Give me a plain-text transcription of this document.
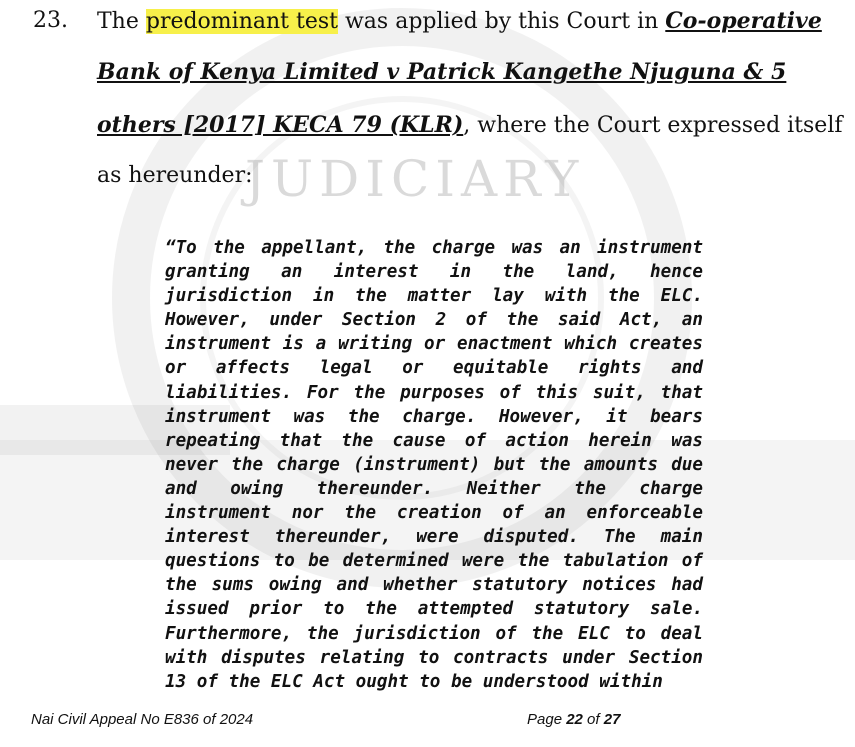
JUDICIARY
23. The predominant test was applied by this Court in Co-operative
Bank of Kenya Limited v Patrick Kangethe Njuguna & 5
others [2017] KECA 79 (KLR), where the Court expressed itself
as hereunder:
“To the appellant, the charge was an instrument granting an interest in the land, hence jurisdiction in the matter lay with the ELC. However, under Section 2 of the said Act, an instrument is a writing or enactment which creates or affects legal or equitable rights and liabilities. For the purposes of this suit, that instrument was the charge. However, it bears repeating that the cause of action herein was never the charge (instrument) but the amounts due and owing thereunder. Neither the charge instrument nor the creation of an enforceable interest thereunder, were disputed. The main questions to be determined were the tabulation of the sums owing and whether statutory notices had issued prior to the attempted statutory sale. Furthermore, the jurisdiction of the ELC to deal with disputes relating to contracts under Section 13 of the ELC Act ought to be understood within
Nai Civil Appeal No E836 of 2024	Page 22 of 27
